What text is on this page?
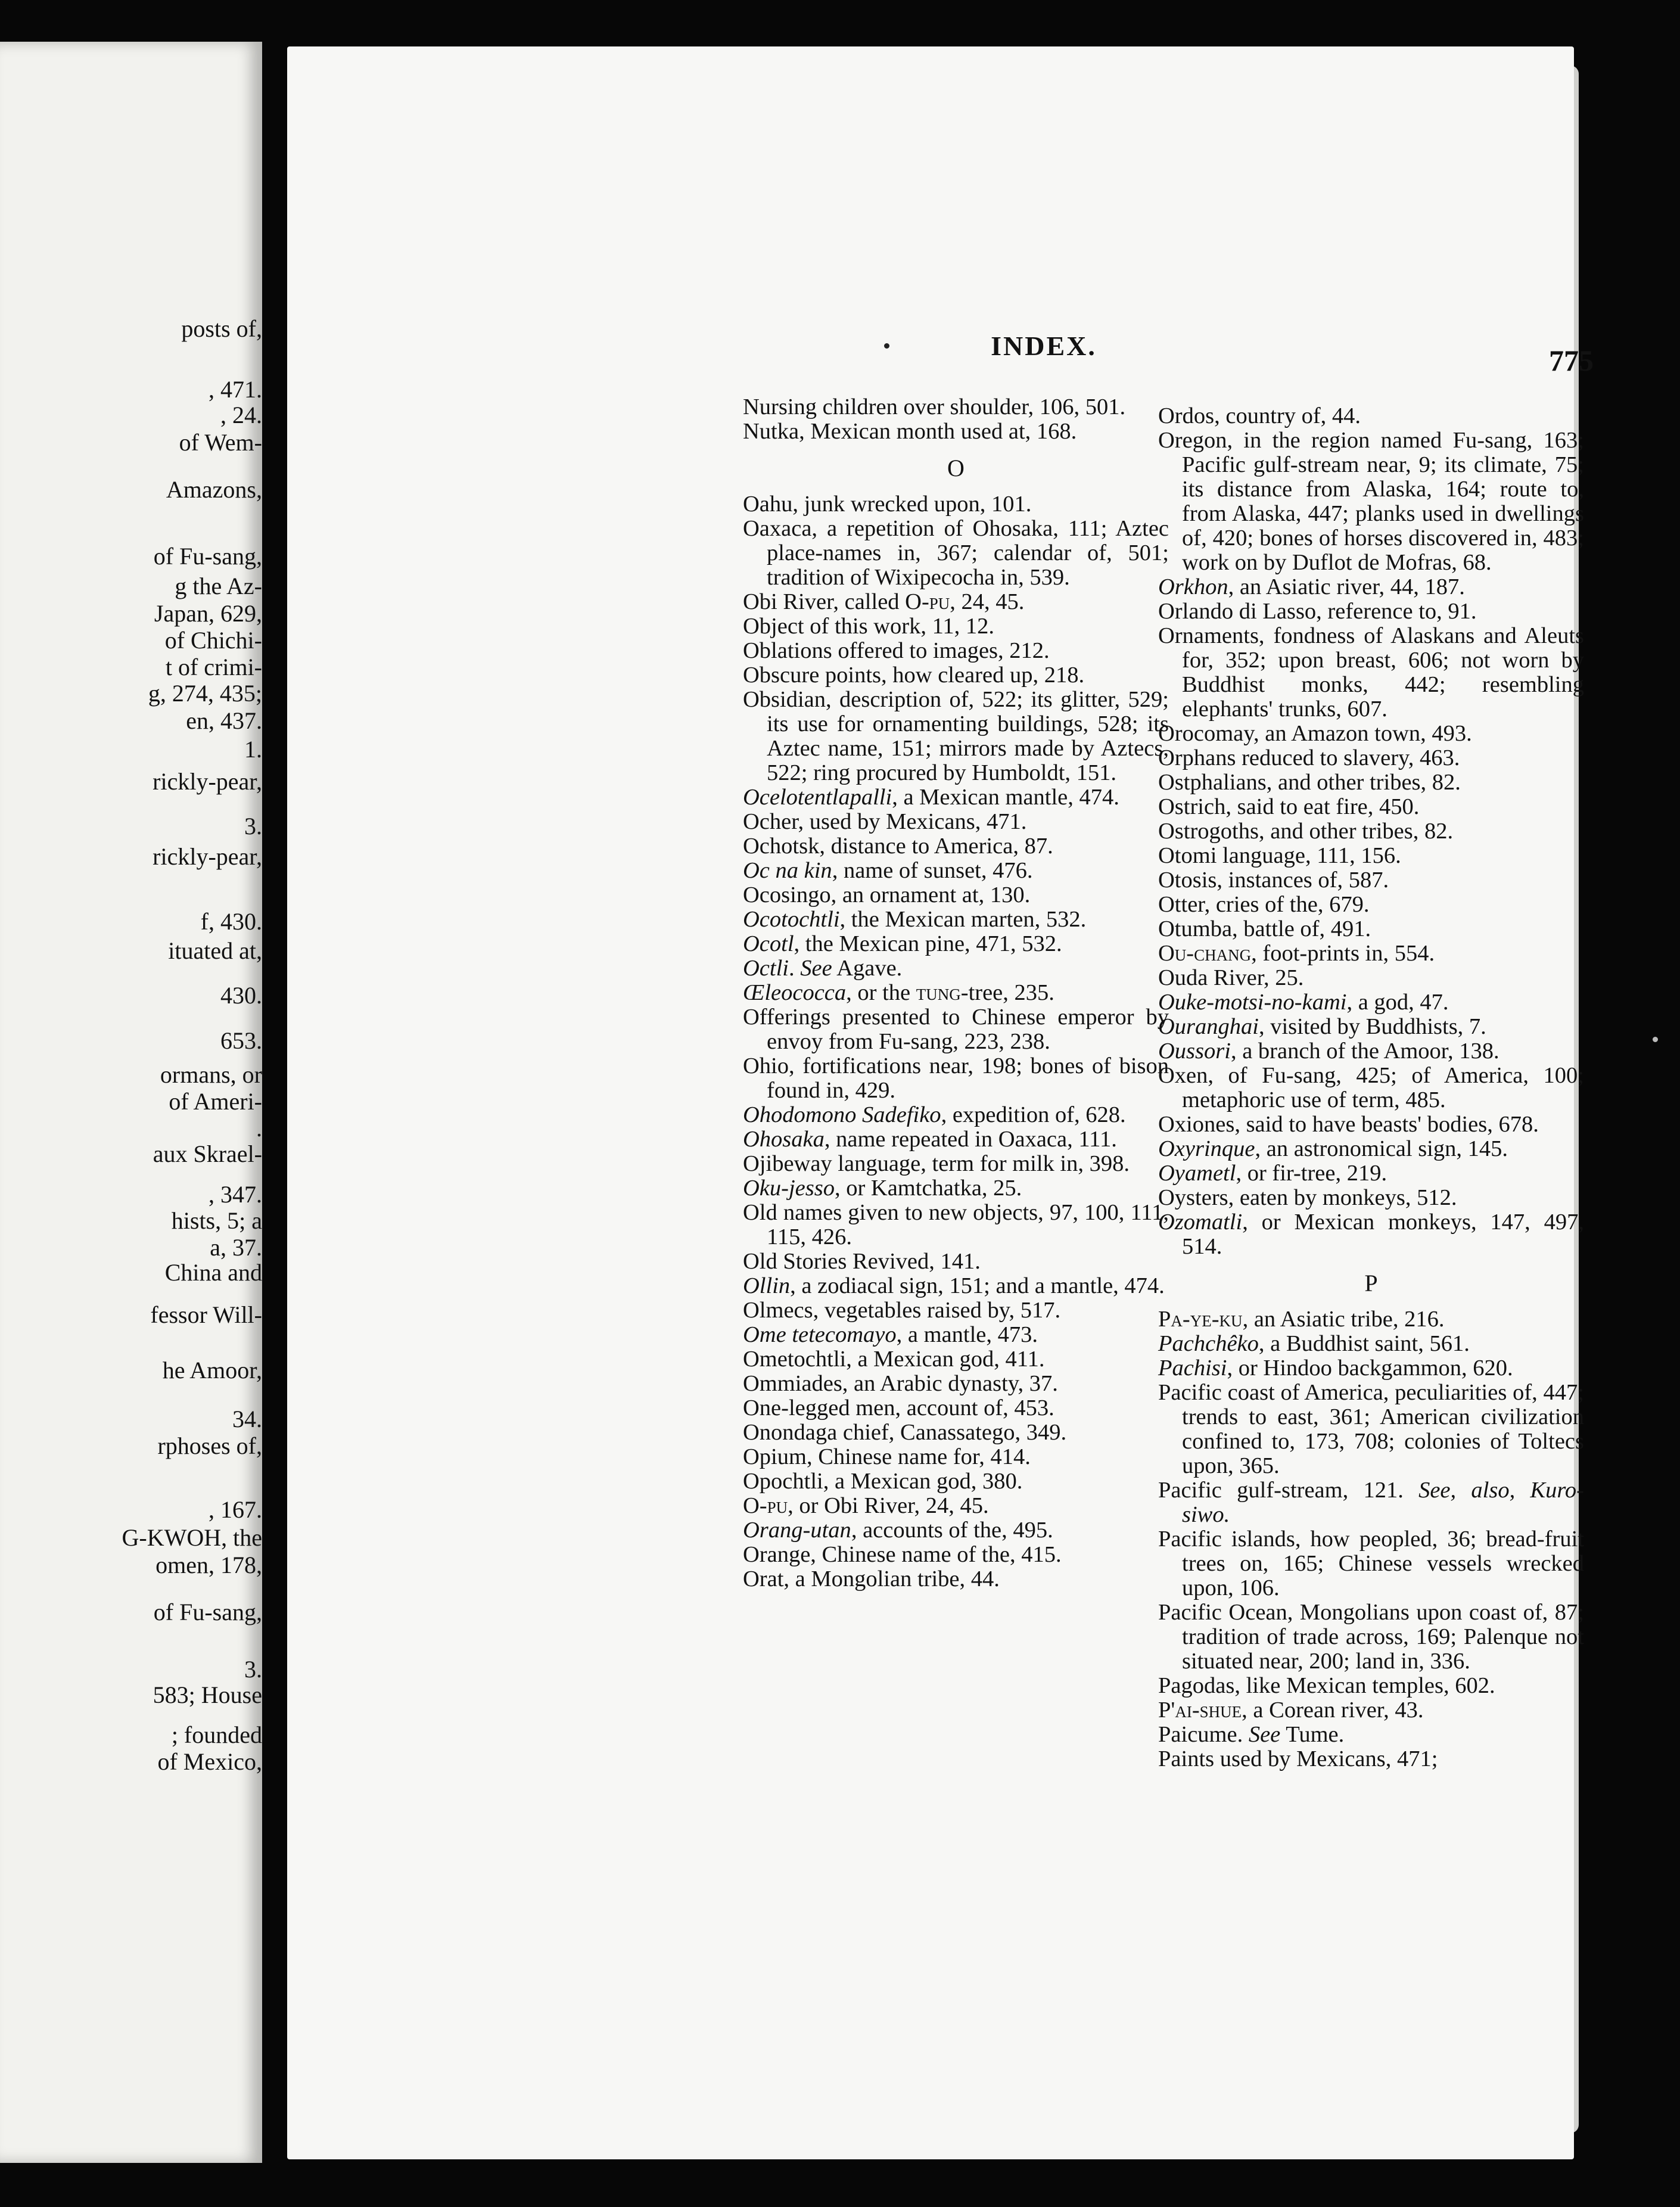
posts of,
, 471.
, 24.
of Wem-
Amazons,
of Fu-sang,
g the Az-
Japan, 629,
of Chichi-
t of crimi-
g, 274, 435;
en, 437.
1.
rickly-pear,
3.
rickly-pear,
f, 430.
ituated at,
430.
653.
ormans, or
of Ameri-
.
aux Skrael-
, 347.
hists, 5; a
a, 37.
China and
fessor Will-
he Amoor,
34.
rphoses of,
, 167.
G-KWOH, the
omen, 178,
of Fu-sang,
3.
583; House
; founded
of Mexico,
INDEX.	775

Nursing children over shoulder, 106, 501.

Nutka, Mexican month used at, 168.

O

Oahu, junk wrecked upon, 101.

Oaxaca, a repetition of Ohosaka, 111; Aztec place-names in, 367; calendar of, 501; tradition of Wixipecocha in, 539.

Obi River, called O-pu, 24, 45.

Object of this work, 11, 12.

Oblations offered to images, 212.

Obscure points, how cleared up, 218.

Obsidian, description of, 522; its glitter, 529; its use for ornamenting buildings, 528; its Aztec name, 151; mirrors made by Aztecs, 522; ring procured by Humboldt, 151.

Ocelotentlapalli, a Mexican mantle, 474.

Ocher, used by Mexicans, 471.

Ochotsk, distance to America, 87.

Oc na kin, name of sunset, 476.

Ocosingo, an ornament at, 130.

Ocotochtli, the Mexican marten, 532.

Ocotl, the Mexican pine, 471, 532.

Octli. See Agave.

Œleococca, or the tung-tree, 235.

Offerings presented to Chinese emperor by envoy from Fu-sang, 223, 238.

Ohio, fortifications near, 198; bones of bison found in, 429.

Ohodomono Sadefiko, expedition of, 628.

Ohosaka, name repeated in Oaxaca, 111.

Ojibeway language, term for milk in, 398.

Oku-jesso, or Kamtchatka, 25.

Old names given to new objects, 97, 100, 111, 115, 426.

Old Stories Revived, 141.

Ollin, a zodiacal sign, 151; and a mantle, 474.

Olmecs, vegetables raised by, 517.

Ome tetecomayo, a mantle, 473.

Ometochtli, a Mexican god, 411.

Ommiades, an Arabic dynasty, 37.

One-legged men, account of, 453.

Onondaga chief, Canassatego, 349.

Opium, Chinese name for, 414.

Opochtli, a Mexican god, 380.

O-pu, or Obi River, 24, 45.

Orang-utan, accounts of the, 495.

Orange, Chinese name of the, 415.

Orat, a Mongolian tribe, 44.

Ordos, country of, 44.

Oregon, in the region named Fu-sang, 163; Pacific gulf-stream near, 9; its climate, 75; its distance from Alaska, 164; route to, from Alaska, 447; planks used in dwellings of, 420; bones of horses discovered in, 483; work on by Duflot de Mofras, 68.

Orkhon, an Asiatic river, 44, 187.

Orlando di Lasso, reference to, 91.

Ornaments, fondness of Alaskans and Aleuts for, 352; upon breast, 606; not worn by Buddhist monks, 442; resembling elephants' trunks, 607.

Orocomay, an Amazon town, 493.

Orphans reduced to slavery, 463.

Ostphalians, and other tribes, 82.

Ostrich, said to eat fire, 450.

Ostrogoths, and other tribes, 82.

Otomi language, 111, 156.

Otosis, instances of, 587.

Otter, cries of the, 679.

Otumba, battle of, 491.

Ou-chang, foot-prints in, 554.

Ouda River, 25.

Ouke-motsi-no-kami, a god, 47.

Ouranghai, visited by Buddhists, 7.

Oussori, a branch of the Amoor, 138.

Oxen, of Fu-sang, 425; of America, 100; metaphoric use of term, 485.

Oxiones, said to have beasts' bodies, 678.

Oxyrinque, an astronomical sign, 145.

Oyametl, or fir-tree, 219.

Oysters, eaten by monkeys, 512.

Ozomatli, or Mexican monkeys, 147, 497, 514.

P

Pa-ye-ku, an Asiatic tribe, 216.

Pachchêko, a Buddhist saint, 561.

Pachisi, or Hindoo backgammon, 620.

Pacific coast of America, peculiarities of, 447; trends to east, 361; American civilization confined to, 173, 708; colonies of Toltecs upon, 365.

Pacific gulf-stream, 121. See, also, Kuro-siwo.

Pacific islands, how peopled, 36; bread-fruit trees on, 165; Chinese vessels wrecked upon, 106.

Pacific Ocean, Mongolians upon coast of, 87; tradition of trade across, 169; Palenque not situated near, 200; land in, 336.

Pagodas, like Mexican temples, 602.

P'ai-shue, a Corean river, 43.

Paicume. See Tume.

Paints used by Mexicans, 471;
